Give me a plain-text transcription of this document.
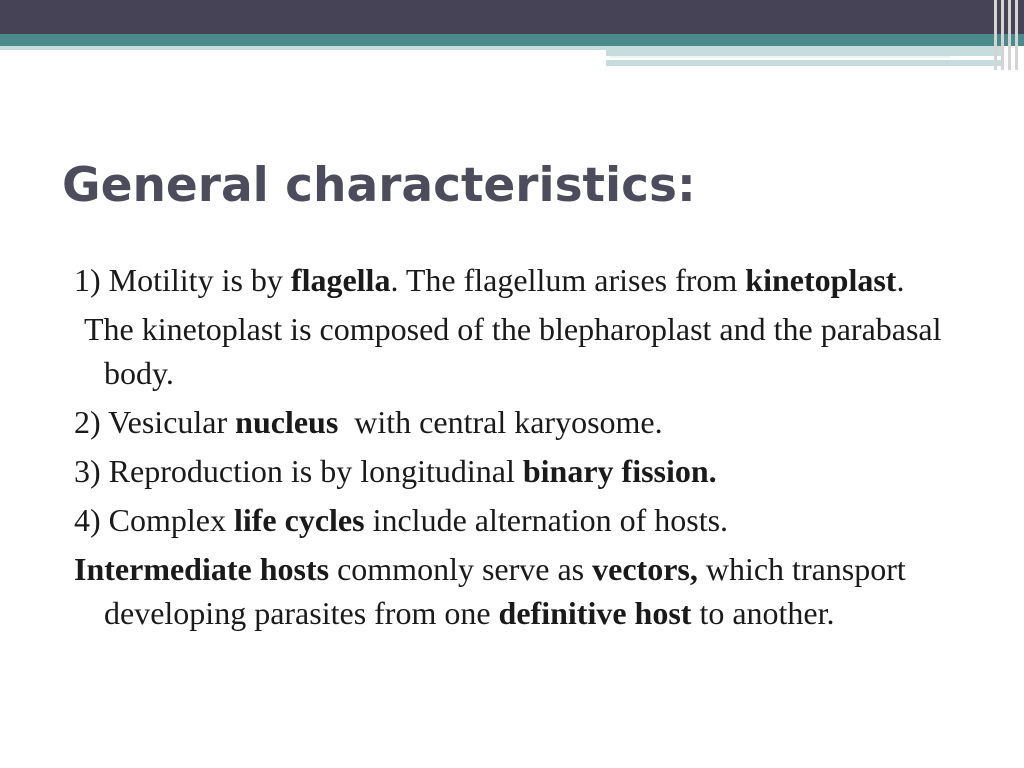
General characteristics:

1) Motility is by flagella. The flagellum arises from kinetoplast.

The kinetoplast is composed of the blepharoplast and the parabasal body.

2) Vesicular nucleus  with central karyosome.

3) Reproduction is by longitudinal binary fission.

4) Complex life cycles include alternation of hosts.

Intermediate hosts commonly serve as vectors, which transport developing parasites from one definitive host to another.
